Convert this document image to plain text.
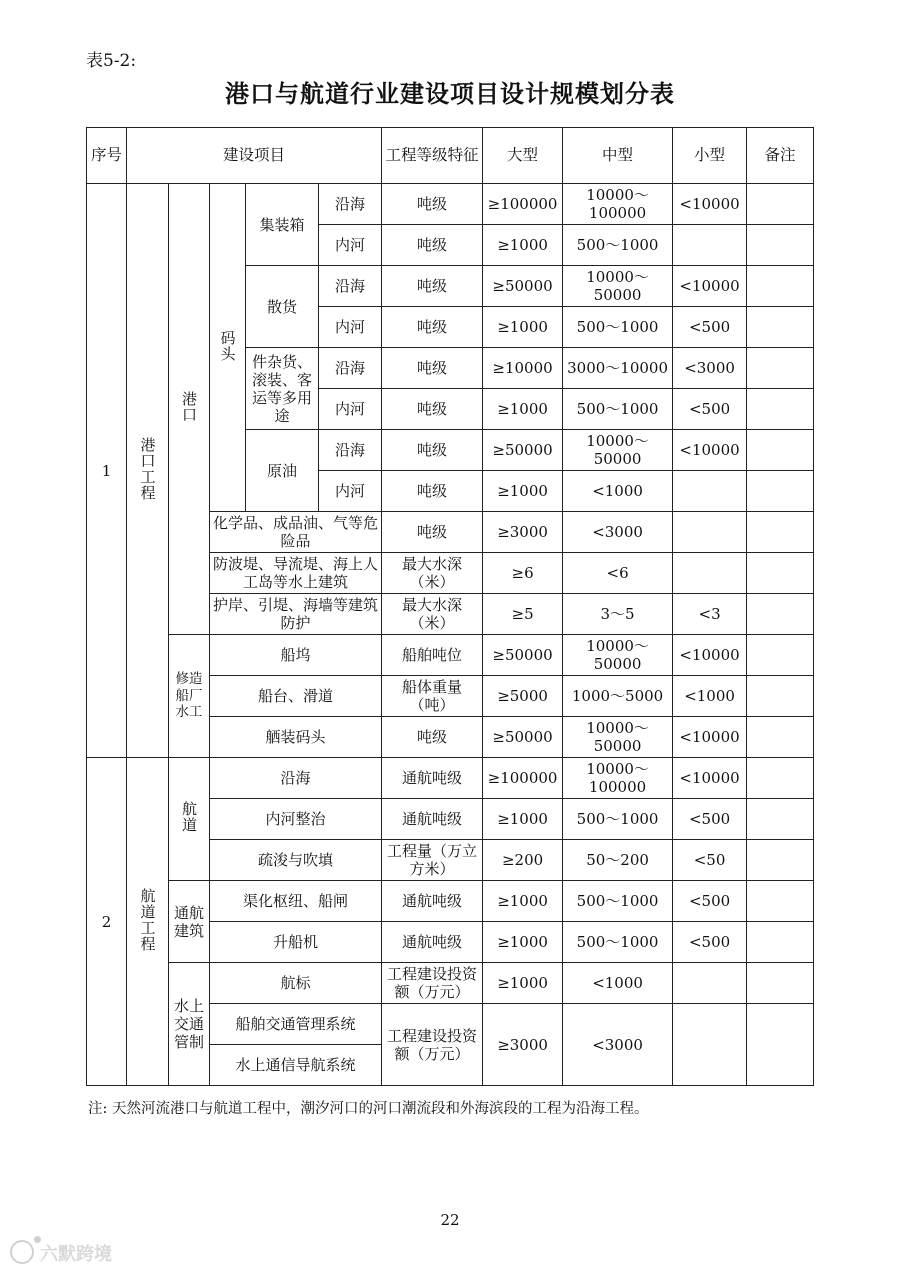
表5-2:
港口与航道行业建设项目设计规模划分表
序号	建设项目					工程等级特征	大型	中型	小型	备注
1	港口工程	港口	码头	集装箱	沿海	吨级	≥100000	10000～100000	<10000	
					内河	吨级	≥1000	500～1000		
				散货	沿海	吨级	≥50000	10000～50000	<10000	
					内河	吨级	≥1000	500～1000	<500	
				件杂货、滚装、客运等多用途	沿海	吨级	≥10000	3000～10000	<3000	
					内河	吨级	≥1000	500～1000	<500	
				原油	沿海	吨级	≥50000	10000～50000	<10000	
					内河	吨级	≥1000	<1000		
			化学品、成品油、气等危险品			吨级	≥3000	<3000		
			防波堤、导流堤、海上人工岛等水上建筑			最大水深（米）	≥6	<6		
			护岸、引堤、海墙等建筑防护			最大水深（米）	≥5	3～5	<3	
		修造船厂水工	船坞			船舶吨位	≥50000	10000～50000	<10000	
			船台、滑道			船体重量（吨）	≥5000	1000～5000	<1000	
			舾装码头			吨级	≥50000	10000～50000	<10000	
2	航道工程	航道	沿海			通航吨级	≥100000	10000～100000	<10000	
			内河整治			通航吨级	≥1000	500～1000	<500	
			疏浚与吹填			工程量（万立方米）	≥200	50～200	<50	
		通航建筑	渠化枢纽、船闸			通航吨级	≥1000	500～1000	<500	
			升船机			通航吨级	≥1000	500～1000	<500	
		水上交通管制	航标			工程建设投资额（万元）	≥1000	<1000		
			船舶交通管理系统			工程建设投资额（万元）	≥3000	<3000		
			水上通信导航系统							
注: 天然河流港口与航道工程中，潮汐河口的河口潮流段和外海滨段的工程为沿海工程。
22
六默跨境
